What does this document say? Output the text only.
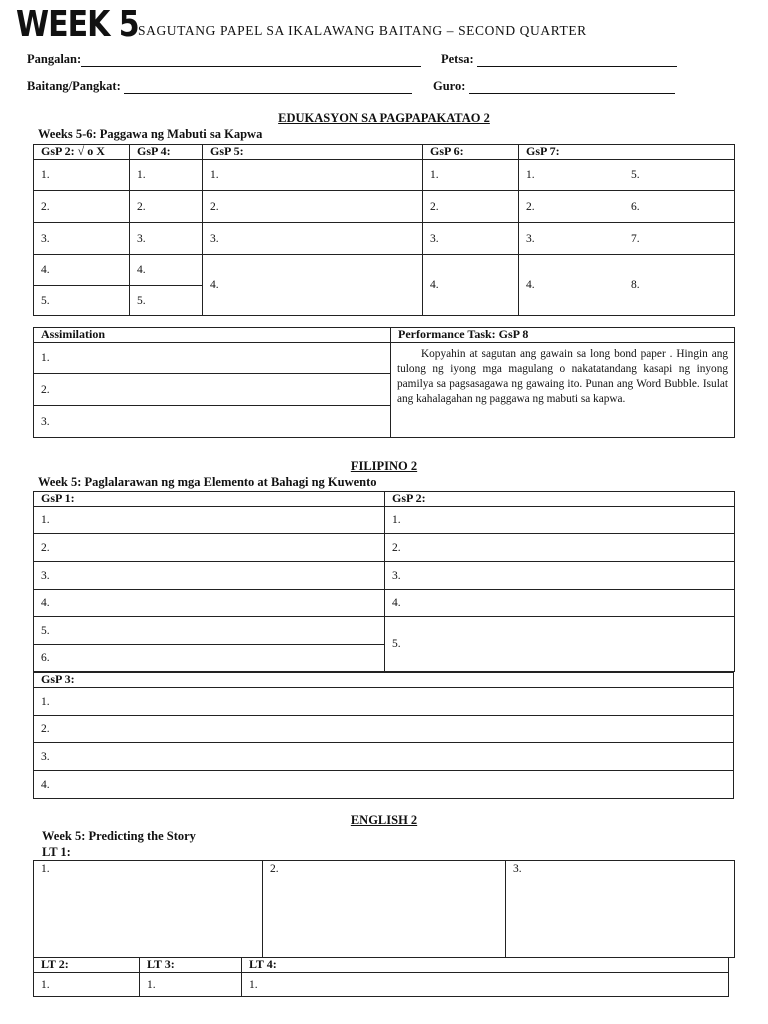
WEEK 5 SAGUTANG PAPEL SA IKALAWANG BAITANG – SECOND QUARTER
Pangalan:	Petsa:
Baitang/Pangkat:	Guro:
EDUKASYON SA PAGPAPAKATAO 2
Weeks 5-6: Paggawa ng Mabuti sa Kapwa
GsP 2: √ o X	GsP 4:	GsP 5:	GsP 6:	GsP 7:
1.	1.	1.	1.	1. 5.
2.	2.	2.	2.	2. 6.
3.	3.	3.	3.	3. 7.
4.	4.	4.	4.	4. 8.
5.	5.			
Assimilation	Performance Task: GsP 8
1.	Kopyahin at sagutan ang gawain sa long bond paper . Hingin ang tulong ng iyong mga magulang o nakatatandang kasapi ng inyong pamilya sa pagsasagawa ng gawaing ito. Punan ang Word Bubble. Isulat ang kahalagahan ng paggawa ng mabuti sa kapwa.
2.	
3.	
FILIPINO 2
Week 5: Paglalarawan ng mga Elemento at Bahagi ng Kuwento
GsP 1:	GsP 2:
1.	1.
2.	2.
3.	3.
4.	4.
5.	5.
6.	
GsP 3:
1.
2.
3.
4.
ENGLISH 2
Week 5: Predicting the Story
LT 1:
1.	2.	3.
LT 2:	LT 3:	LT 4:
1.	1.	1.
